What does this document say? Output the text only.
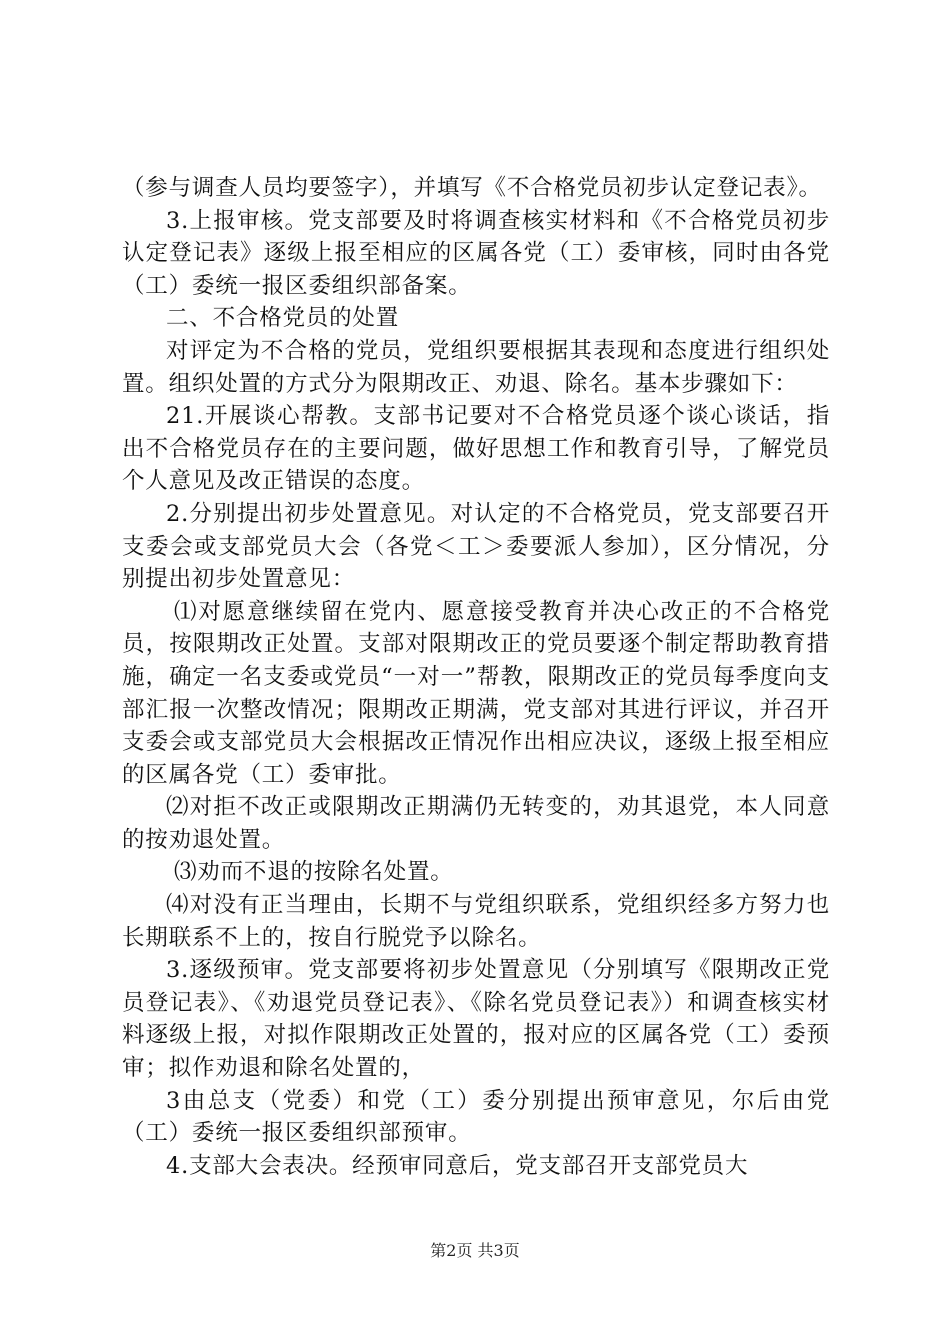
（参与调查人员均要签字），并填写《不合格党员初步认定登记表》。

3.上报审核。党支部要及时将调查核实材料和《不合格党员初步认定登记表》逐级上报至相应的区属各党（工）委审核，同时由各党（工）委统一报区委组织部备案。

二、不合格党员的处置

对评定为不合格的党员，党组织要根据其表现和态度进行组织处置。组织处置的方式分为限期改正、劝退、除名。基本步骤如下：

21.开展谈心帮教。支部书记要对不合格党员逐个谈心谈话，指出不合格党员存在的主要问题，做好思想工作和教育引导，了解党员个人意见及改正错误的态度。

2.分别提出初步处置意见。对认定的不合格党员，党支部要召开支委会或支部党员大会（各党＜工＞委要派人参加），区分情况，分别提出初步处置意见：

⑴对愿意继续留在党内、愿意接受教育并决心改正的不合格党员，按限期改正处置。支部对限期改正的党员要逐个制定帮助教育措施，确定一名支委或党员“一对一”帮教，限期改正的党员每季度向支部汇报一次整改情况；限期改正期满，党支部对其进行评议，并召开支委会或支部党员大会根据改正情况作出相应决议，逐级上报至相应的区属各党（工）委审批。

⑵对拒不改正或限期改正期满仍无转变的，劝其退党，本人同意的按劝退处置。

⑶劝而不退的按除名处置。

⑷对没有正当理由，长期不与党组织联系，党组织经多方努力也长期联系不上的，按自行脱党予以除名。

3.逐级预审。党支部要将初步处置意见（分别填写《限期改正党员登记表》、《劝退党员登记表》、《除名党员登记表》）和调查核实材料逐级上报，对拟作限期改正处置的，报对应的区属各党（工）委预审；拟作劝退和除名处置的，

3由总支（党委）和党（工）委分别提出预审意见，尔后由党（工）委统一报区委组织部预审。

4.支部大会表决。经预审同意后，党支部召开支部党员大

第2页 共3页
